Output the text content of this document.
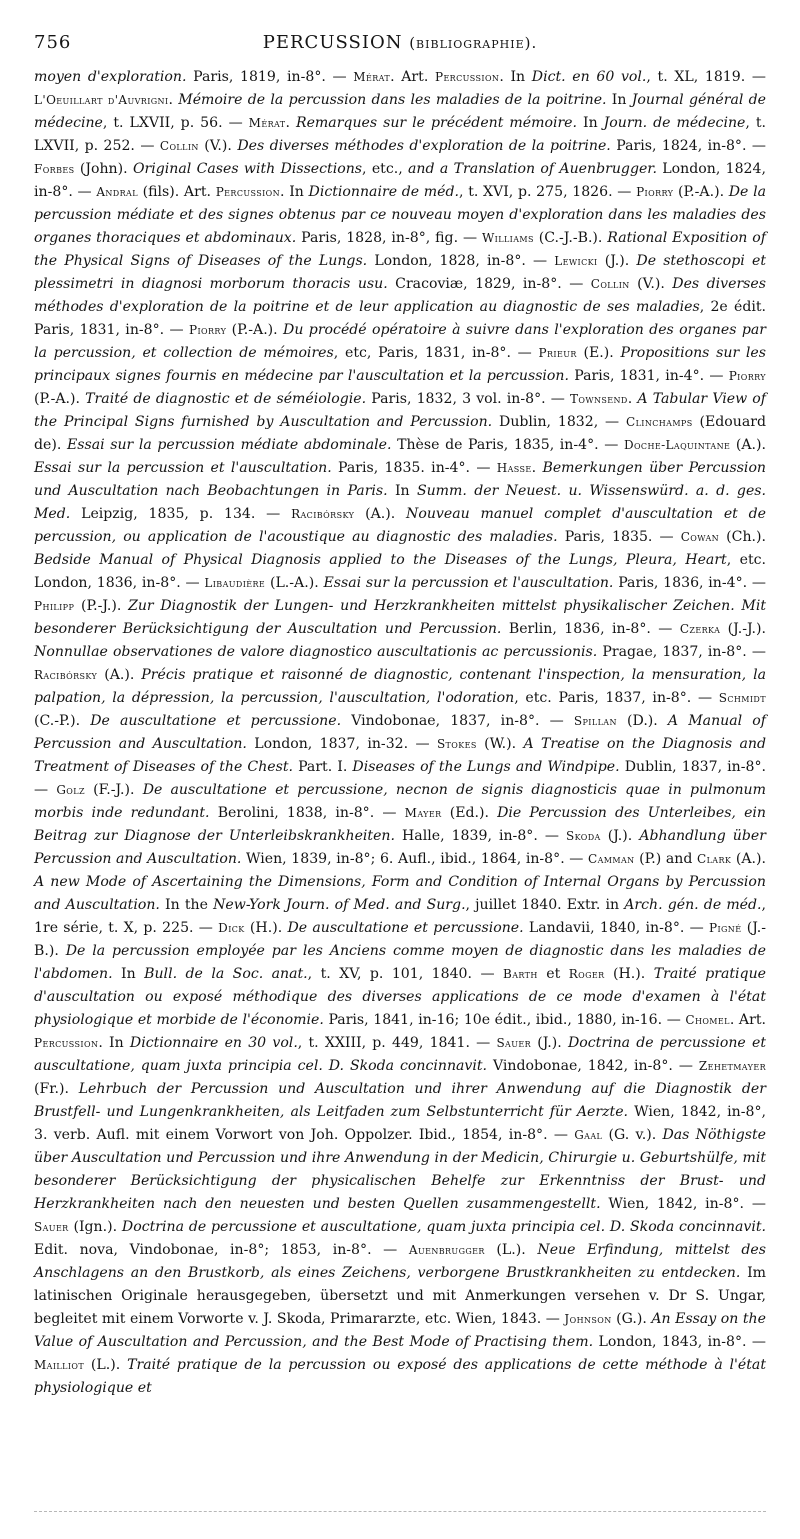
756	PERCUSSION (bibliographie).

moyen d'exploration. Paris, 1819, in-8°. — Mérat. Art. Percussion. In Dict. en 60 vol., t. XL, 1819. — L'Oeuillart d'Auvrigni. Mémoire de la percussion dans les maladies de la poitrine. In Journal général de médecine, t. LXVII, p. 56. — Mérat. Remarques sur le précédent mémoire. In Journ. de médecine, t. LXVII, p. 252. — Collin (V.). Des diverses méthodes d'exploration de la poitrine. Paris, 1824, in-8°. — Forbes (John). Original Cases with Dissections, etc., and a Translation of Auenbrugger. London, 1824, in-8°. — Andral (fils). Art. Percussion. In Dictionnaire de méd., t. XVI, p. 275, 1826. — Piorry (P.-A.). De la percussion médiate et des signes obtenus par ce nouveau moyen d'exploration dans les maladies des organes thoraciques et abdominaux. Paris, 1828, in-8°, fig. — Williams (C.-J.-B.). Rational Exposition of the Physical Signs of Diseases of the Lungs. London, 1828, in-8°. — Lewicki (J.). De stethoscopi et plessimetri in diagnosi morborum thoracis usu. Cracoviæ, 1829, in-8°. — Collin (V.). Des diverses méthodes d'exploration de la poitrine et de leur application au diagnostic de ses maladies, 2e édit. Paris, 1831, in-8°. — Piorry (P.-A.). Du procédé opératoire à suivre dans l'exploration des organes par la percussion, et collection de mémoires, etc, Paris, 1831, in-8°. — Prieur (E.). Propositions sur les principaux signes fournis en médecine par l'auscultation et la percussion. Paris, 1831, in-4°. — Piorry (P.-A.). Traité de diagnostic et de séméiologie. Paris, 1832, 3 vol. in-8°. — Townsend. A Tabular View of the Principal Signs furnished by Auscultation and Percussion. Dublin, 1832, — Clinchamps (Edouard de). Essai sur la percussion médiate abdominale. Thèse de Paris, 1835, in-4°. — Doche-Laquintane (A.). Essai sur la percussion et l'auscultation. Paris, 1835. in-4°. — Hasse. Bemerkungen über Percussion und Auscultation nach Beobachtungen in Paris. In Summ. der Neuest. u. Wissenswürd. a. d. ges. Med. Leipzig, 1835, p. 134. — Racibórsky (A.). Nouveau manuel complet d'auscultation et de percussion, ou application de l'acoustique au diagnostic des maladies. Paris, 1835. — Cowan (Ch.). Bedside Manual of Physical Diagnosis applied to the Diseases of the Lungs, Pleura, Heart, etc. London, 1836, in-8°. — Libaudière (L.-A.). Essai sur la percussion et l'auscultation. Paris, 1836, in-4°. — Philipp (P.-J.). Zur Diagnostik der Lungen- und Herzkrankheiten mittelst physikalischer Zeichen. Mit besonderer Berücksichtigung der Auscultation und Percussion. Berlin, 1836, in-8°. — Czerka (J.-J.). Nonnullae observationes de valore diagnostico auscultationis ac percussionis. Pragae, 1837, in-8°. — Racibórsky (A.). Précis pratique et raisonné de diagnostic, contenant l'inspection, la mensuration, la palpation, la dépression, la percussion, l'auscultation, l'odoration, etc. Paris, 1837, in-8°. — Schmidt (C.-P.). De auscultatione et percussione. Vindobonae, 1837, in-8°. — Spillan (D.). A Manual of Percussion and Auscultation. London, 1837, in-32. — Stokes (W.). A Treatise on the Diagnosis and Treatment of Diseases of the Chest. Part. I. Diseases of the Lungs and Windpipe. Dublin, 1837, in-8°. — Golz (F.-J.). De auscultatione et percussione, necnon de signis diagnosticis quae in pulmonum morbis inde redundant. Berolini, 1838, in-8°. — Mayer (Ed.). Die Percussion des Unterleibes, ein Beitrag zur Diagnose der Unterleibskrankheiten. Halle, 1839, in-8°. — Skoda (J.). Abhandlung über Percussion and Auscultation. Wien, 1839, in-8°; 6. Aufl., ibid., 1864, in-8°. — Camman (P.) and Clark (A.). A new Mode of Ascertaining the Dimensions, Form and Condition of Internal Organs by Percussion and Auscultation. In the New-York Journ. of Med. and Surg., juillet 1840. Extr. in Arch. gén. de méd., 1re série, t. X, p. 225. — Dick (H.). De auscultatione et percussione. Landavii, 1840, in-8°. — Pigné (J.-B.). De la percussion employée par les Anciens comme moyen de diagnostic dans les maladies de l'abdomen. In Bull. de la Soc. anat., t. XV, p. 101, 1840. — Barth et Roger (H.). Traité pratique d'auscultation ou exposé méthodique des diverses applications de ce mode d'examen à l'état physiologique et morbide de l'économie. Paris, 1841, in-16; 10e édit., ibid., 1880, in-16. — Chomel. Art. Percussion. In Dictionnaire en 30 vol., t. XXIII, p. 449, 1841. — Sauer (J.). Doctrina de percussione et auscultatione, quam juxta principia cel. D. Skoda concinnavit. Vindobonae, 1842, in-8°. — Zehetmayer (Fr.). Lehrbuch der Percussion und Auscultation und ihrer Anwendung auf die Diagnostik der Brustfell- und Lungenkrankheiten, als Leitfaden zum Selbstunterricht für Aerzte. Wien, 1842, in-8°, 3. verb. Aufl. mit einem Vorwort von Joh. Oppolzer. Ibid., 1854, in-8°. — Gaal (G. v.). Das Nöthigste über Auscultation und Percussion und ihre Anwendung in der Medicin, Chirurgie u. Geburtshülfe, mit besonderer Berücksichtigung der physicalischen Behelfe zur Erkenntniss der Brust- und Herzkrankheiten nach den neuesten und besten Quellen zusammengestellt. Wien, 1842, in-8°. — Sauer (Ign.). Doctrina de percussione et auscultatione, quam juxta principia cel. D. Skoda concinnavit. Edit. nova, Vindobonae, in-8°; 1853, in-8°. — Auenbrugger (L.). Neue Erfindung, mittelst des Anschlagens an den Brustkorb, als eines Zeichens, verborgene Brustkrankheiten zu entdecken. Im latinischen Originale herausgegeben, übersetzt und mit Anmerkungen versehen v. Dr S. Ungar, begleitet mit einem Vorworte v. J. Skoda, Primararzte, etc. Wien, 1843. — Johnson (G.). An Essay on the Value of Auscultation and Percussion, and the Best Mode of Practising them. London, 1843, in-8°. — Mailliot (L.). Traité pratique de la percussion ou exposé des applications de cette méthode à l'état physiologique et
